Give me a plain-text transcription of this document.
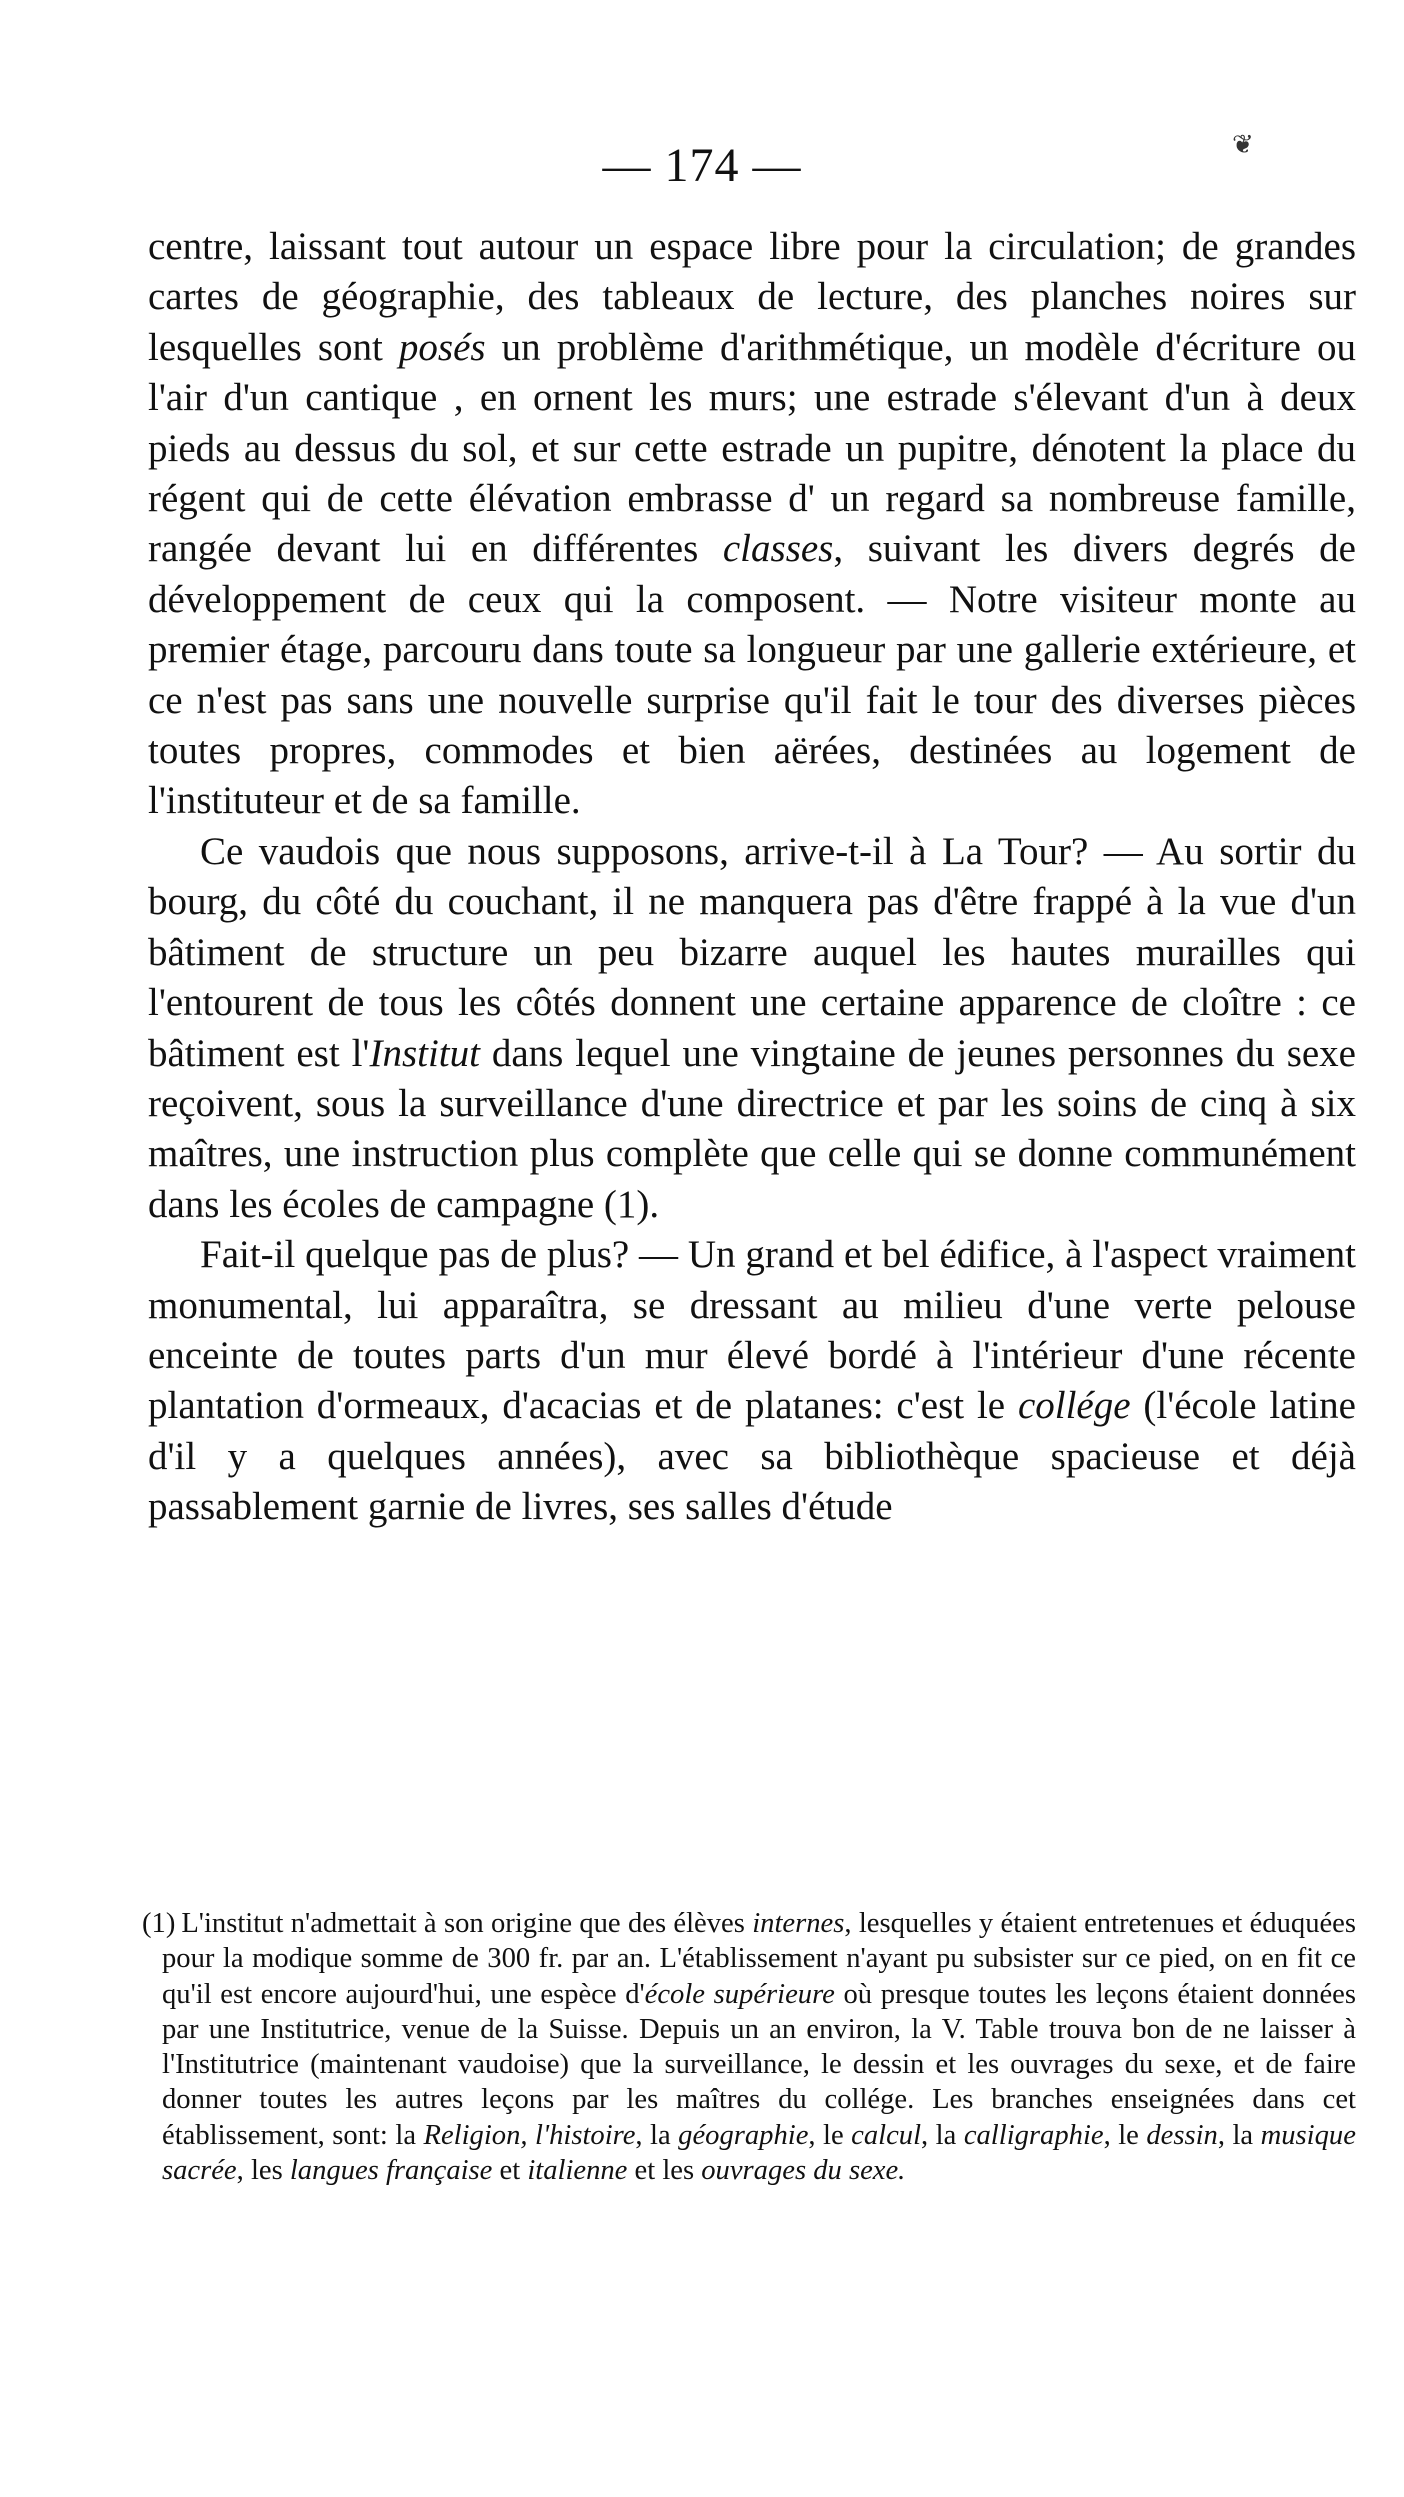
— 174 —	❦

centre, laissant tout autour un espace libre pour la circulation; de grandes cartes de géographie, des tableaux de lecture, des planches noires sur lesquelles sont posés un problème d'arithmétique, un modèle d'écriture ou l'air d'un cantique , en ornent les murs; une estrade s'élevant d'un à deux pieds au dessus du sol, et sur cette estrade un pupitre, dénotent la place du régent qui de cette élévation embrasse d' un regard sa nombreuse famille, rangée devant lui en différentes classes, suivant les divers degrés de développement de ceux qui la composent. — Notre visiteur monte au premier étage, parcouru dans toute sa longueur par une gallerie extérieure, et ce n'est pas sans une nouvelle surprise qu'il fait le tour des diverses pièces toutes propres, commodes et bien aërées, destinées au logement de l'instituteur et de sa famille.

Ce vaudois que nous supposons, arrive-t-il à La Tour? — Au sortir du bourg, du côté du couchant, il ne manquera pas d'être frappé à la vue d'un bâtiment de structure un peu bizarre auquel les hautes murailles qui l'entourent de tous les côtés donnent une certaine apparence de cloître : ce bâtiment est l'Institut dans lequel une vingtaine de jeunes personnes du sexe reçoivent, sous la surveillance d'une directrice et par les soins de cinq à six maîtres, une instruction plus complète que celle qui se donne communément dans les écoles de campagne (1).

Fait-il quelque pas de plus? — Un grand et bel édifice, à l'aspect vraiment monumental, lui apparaîtra, se dressant au milieu d'une verte pelouse enceinte de toutes parts d'un mur élevé bordé à l'intérieur d'une récente plantation d'ormeaux, d'acacias et de platanes: c'est le collége (l'école latine d'il y a quelques années), avec sa bibliothèque spacieuse et déjà passablement garnie de livres, ses salles d'étude

(1) L'institut n'admettait à son origine que des élèves internes, lesquelles y étaient entretenues et éduquées pour la modique somme de 300 fr. par an. L'établissement n'ayant pu subsister sur ce pied, on en fit ce qu'il est encore aujourd'hui, une espèce d'école supérieure où presque toutes les leçons étaient données par une Institutrice, venue de la Suisse. Depuis un an environ, la V. Table trouva bon de ne laisser à l'Institutrice (maintenant vaudoise) que la surveillance, le dessin et les ouvrages du sexe, et de faire donner toutes les autres leçons par les maîtres du collége. Les branches enseignées dans cet établissement, sont: la Religion, l'histoire, la géographie, le calcul, la calligraphie, le dessin, la musique sacrée, les langues française et italienne et les ouvrages du sexe.
